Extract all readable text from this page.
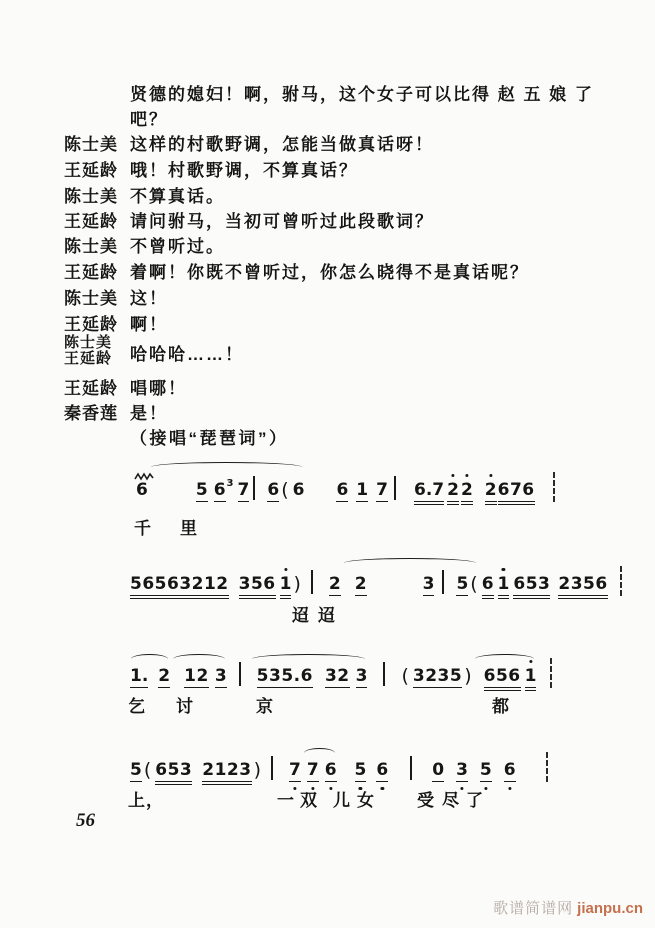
贤德的媳妇！啊，驸马，这个女子可以比得 赵 五 娘 了
吧？
陈士美 这样的村歌野调，怎能当做真话呀！
王延龄 哦！村歌野调，不算真话？
陈士美 不算真话。
王延龄 请问驸马，当初可曾听过此段歌词？
陈士美 不曾听过。
王延龄 着啊！你既不曾听过，你怎么晓得不是真话呢？
陈士美 这！
王延龄 啊！
陈士美
王延龄 哈哈哈……！
王延龄 唱哪！
秦香莲 是！
（接唱“琵琶词”）
6	5 63 7 6 ( 6 6 1 7 6.7 2 2 2
676
千 里
56563212 356 1 ) 2 2	3 5 ( 6 1 653 2356
迢 迢
1. 2 12 3 535.6 32 3 ( 3235 ) 656 1
乞 讨	京	都
5 ( 653 2123 ) 7 7 6 5 6	0 3 5 6
上，	一 双 儿 女 受 尽 了
56
歌谱简谱网 jianpu.cn
